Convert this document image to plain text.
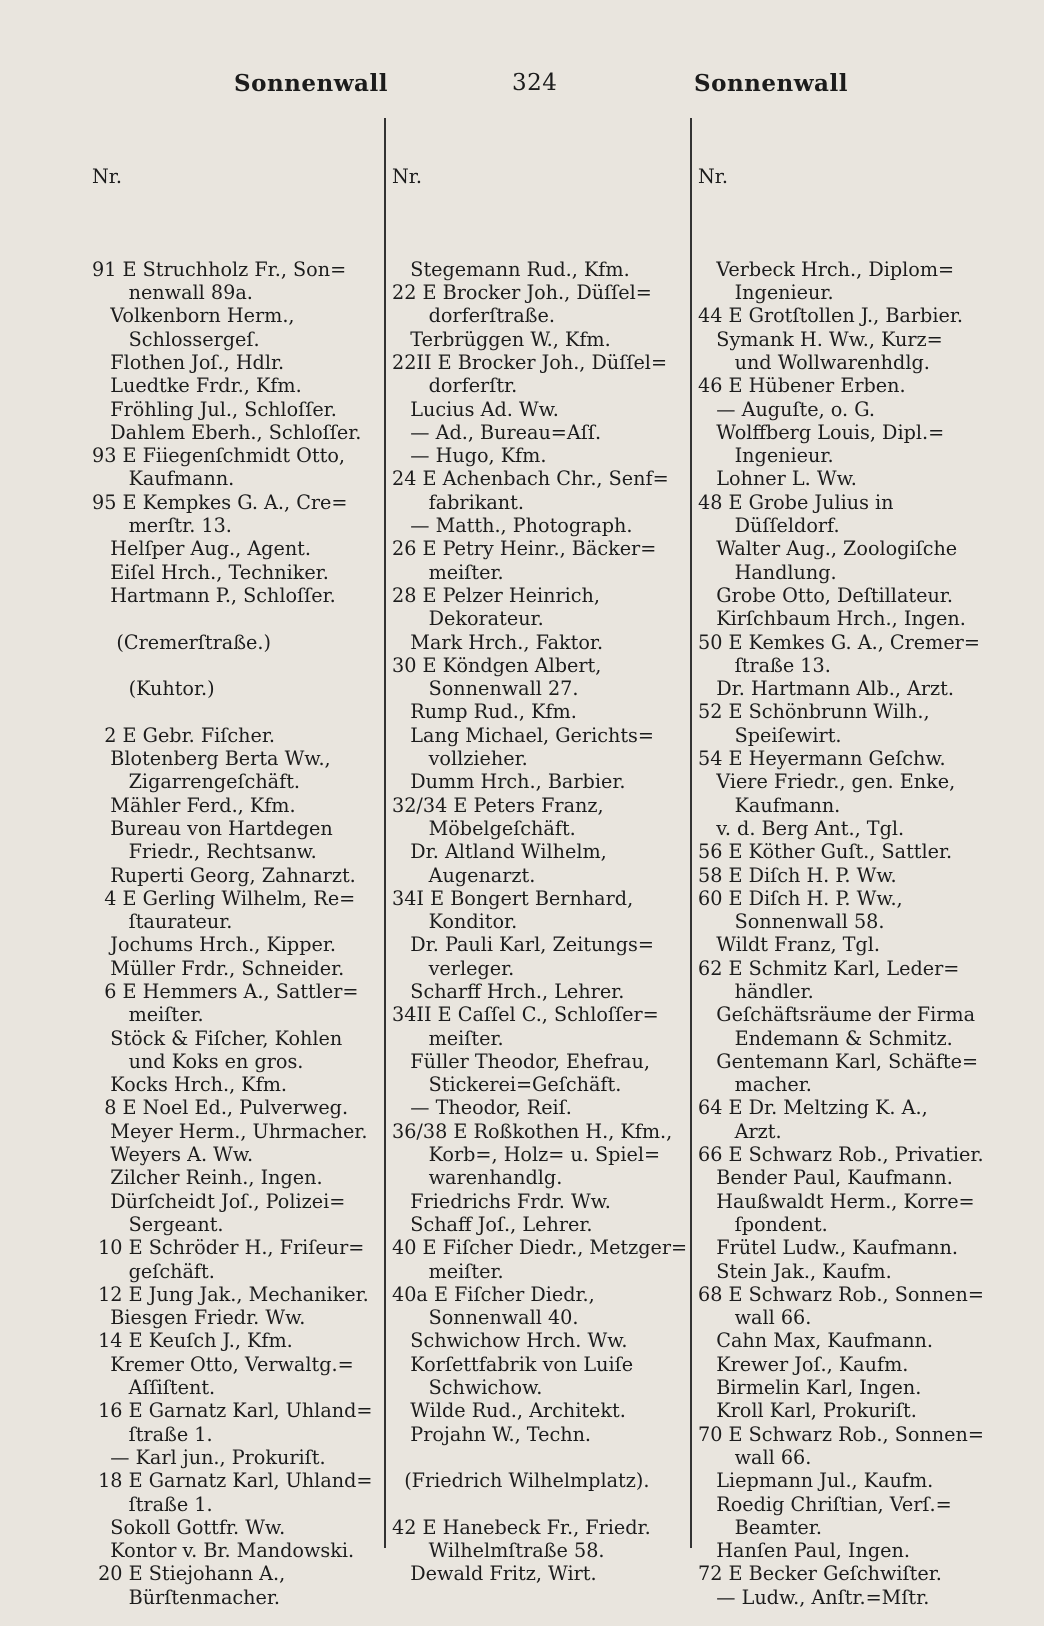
Sonnenwall	324	Sonnenwall

Nr.

91 E Struchholz Fr., Son=
nenwall 89a.
Volkenborn Herm.,
Schlossergeſ.
Flothen Joſ., Hdlr.
Luedtke Frdr., Kfm.
Fröhling Jul., Schloſſer.
Dahlem Eberh., Schloſſer.
93 E Fiiegenſchmidt Otto,
Kaufmann.
95 E Kempkes G. A., Cre=
merſtr. 13.
Helſper Aug., Agent.
Eiſel Hrch., Techniker.
Hartmann P., Schloſſer.
(Cremerſtraße.)
(Kuhtor.)
2 E Gebr. Fiſcher.
Blotenberg Berta Ww.,
Zigarrengeſchäft.
Mähler Ferd., Kfm.
Bureau von Hartdegen
Friedr., Rechtsanw.
Ruperti Georg, Zahnarzt.
4 E Gerling Wilhelm, Re=
ſtaurateur.
Jochums Hrch., Kipper.
Müller Frdr., Schneider.
6 E Hemmers A., Sattler=
meiſter.
Stöck & Fiſcher, Kohlen
und Koks en gros.
Kocks Hrch., Kfm.
8 E Noel Ed., Pulverweg.
Meyer Herm., Uhrmacher.
Weyers A. Ww.
Zilcher Reinh., Ingen.
Dürſcheidt Joſ., Polizei=
Sergeant.
10 E Schröder H., Friſeur=
geſchäft.
12 E Jung Jak., Mechaniker.
Biesgen Friedr. Ww.
14 E Keuſch J., Kfm.
Kremer Otto, Verwaltg.=
Aſſiſtent.
16 E Garnatz Karl, Uhland=
ſtraße 1.
— Karl jun., Prokuriſt.
18 E Garnatz Karl, Uhland=
ſtraße 1.
Sokoll Gottfr. Ww.
Kontor v. Br. Mandowski.
20 E Stiejohann A.,
Bürſtenmacher.

Nr.

Stegemann Rud., Kfm.
22 E Brocker Joh., Düſſel=
dorferſtraße.
Terbrüggen W., Kfm.
22II E Brocker Joh., Düſſel=
dorferſtr.
Lucius Ad. Ww.
— Ad., Bureau=Aſſ.
— Hugo, Kfm.
24 E Achenbach Chr., Senf=
fabrikant.
— Matth., Photograph.
26 E Petry Heinr., Bäcker=
meiſter.
28 E Pelzer Heinrich,
Dekorateur.
Mark Hrch., Faktor.
30 E Köndgen Albert,
Sonnenwall 27.
Rump Rud., Kfm.
Lang Michael, Gerichts=
vollzieher.
Dumm Hrch., Barbier.
32/34 E Peters Franz,
Möbelgeſchäft.
Dr. Altland Wilhelm,
Augenarzt.
34I E Bongert Bernhard,
Konditor.
Dr. Pauli Karl, Zeitungs=
verleger.
Scharff Hrch., Lehrer.
34II E Caſſel C., Schloſſer=
meiſter.
Füller Theodor, Ehefrau,
Stickerei=Geſchäft.
— Theodor, Reiſ.
36/38 E Roßkothen H., Kfm.,
Korb=, Holz= u. Spiel=
warenhandlg.
Friedrichs Frdr. Ww.
Schaff Joſ., Lehrer.
40 E Fiſcher Diedr., Metzger=
meiſter.
40a E Fiſcher Diedr.,
Sonnenwall 40.
Schwichow Hrch. Ww.
Korſettfabrik von Luiſe
Schwichow.
Wilde Rud., Architekt.
Projahn W., Techn.
(Friedrich Wilhelmplatz).
42 E Hanebeck Fr., Friedr.
Wilhelmſtraße 58.
Dewald Fritz, Wirt.

Nr.

Verbeck Hrch., Diplom=
Ingenieur.
44 E Grotſtollen J., Barbier.
Symank H. Ww., Kurz=
und Wollwarenhdlg.
46 E Hübener Erben.
— Auguſte, o. G.
Wolffberg Louis, Dipl.=
Ingenieur.
Lohner L. Ww.
48 E Grobe Julius in
Düſſeldorf.
Walter Aug., Zoologiſche
Handlung.
Grobe Otto, Deſtillateur.
Kirſchbaum Hrch., Ingen.
50 E Kemkes G. A., Cremer=
ſtraße 13.
Dr. Hartmann Alb., Arzt.
52 E Schönbrunn Wilh.,
Speiſewirt.
54 E Heyermann Geſchw.
Viere Friedr., gen. Enke,
Kaufmann.
v. d. Berg Ant., Tgl.
56 E Köther Guſt., Sattler.
58 E Diſch H. P. Ww.
60 E Diſch H. P. Ww.,
Sonnenwall 58.
Wildt Franz, Tgl.
62 E Schmitz Karl, Leder=
händler.
Geſchäftsräume der Firma
Endemann & Schmitz.
Gentemann Karl, Schäfte=
macher.
64 E Dr. Meltzing K. A.,
Arzt.
66 E Schwarz Rob., Privatier.
Bender Paul, Kaufmann.
Haußwaldt Herm., Korre=
ſpondent.
Frütel Ludw., Kaufmann.
Stein Jak., Kaufm.
68 E Schwarz Rob., Sonnen=
wall 66.
Cahn Max, Kaufmann.
Krewer Joſ., Kaufm.
Birmelin Karl, Ingen.
Kroll Karl, Prokuriſt.
70 E Schwarz Rob., Sonnen=
wall 66.
Liepmann Jul., Kaufm.
Roedig Chriſtian, Verſ.=
Beamter.
Hanſen Paul, Ingen.
72 E Becker Geſchwiſter.
— Ludw., Anſtr.=Mſtr.
